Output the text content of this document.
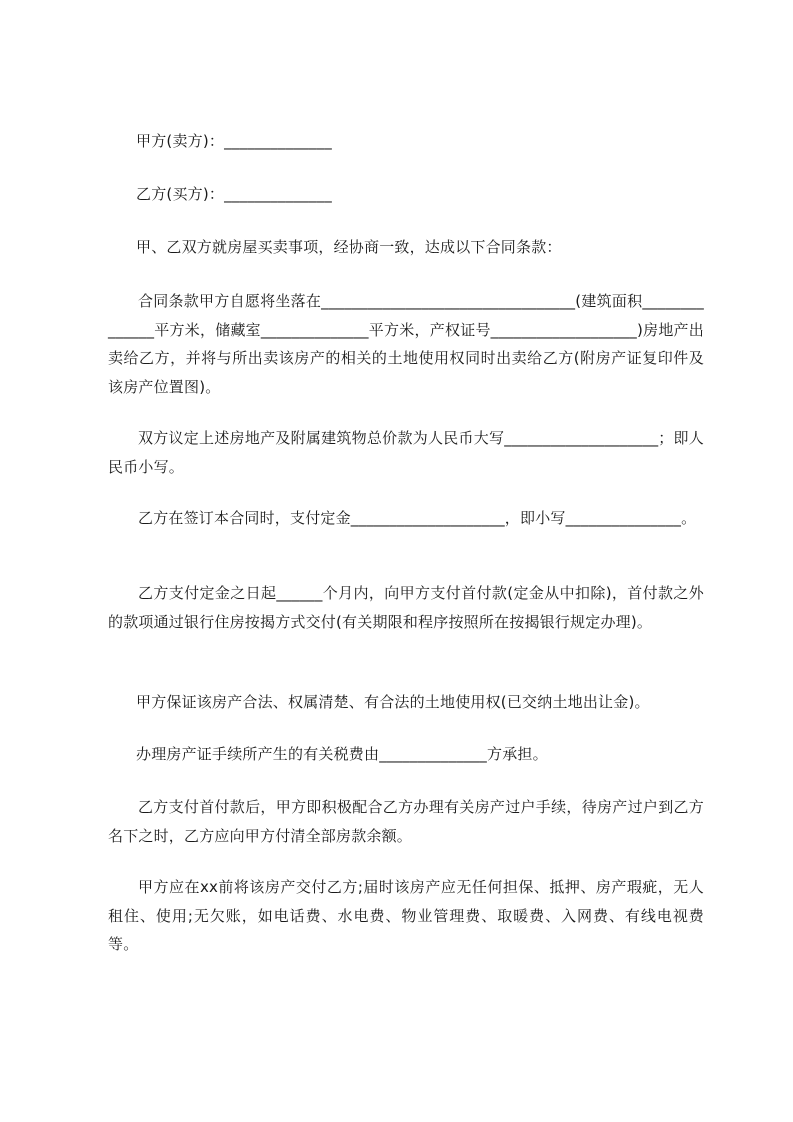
甲方(卖方)：______________

乙方(买方)：______________

甲、乙双方就房屋买卖事项，经协商一致，达成以下合同条款：

合同条款甲方自愿将坐落在_________________________________(建筑面积______________平方米，储藏室______________平方米，产权证号___________________)房地产出卖给乙方，并将与所出卖该房产的相关的土地使用权同时出卖给乙方(附房产证复印件及该房产位置图)。

双方议定上述房地产及附属建筑物总价款为人民币大写____________________；即人民币小写。

乙方在签订本合同时，支付定金____________________，即小写_______________。

乙方支付定金之日起______个月内，向甲方支付首付款(定金从中扣除)，首付款之外的款项通过银行住房按揭方式交付(有关期限和程序按照所在按揭银行规定办理)。

甲方保证该房产合法、权属清楚、有合法的土地使用权(已交纳土地出让金)。

办理房产证手续所产生的有关税费由______________方承担。

乙方支付首付款后，甲方即积极配合乙方办理有关房产过户手续，待房产过户到乙方名下之时，乙方应向甲方付清全部房款余额。

甲方应在xx前将该房产交付乙方;届时该房产应无任何担保、抵押、房产瑕疵，无人租住、使用;无欠账，如电话费、水电费、物业管理费、取暖费、入网费、有线电视费等。
